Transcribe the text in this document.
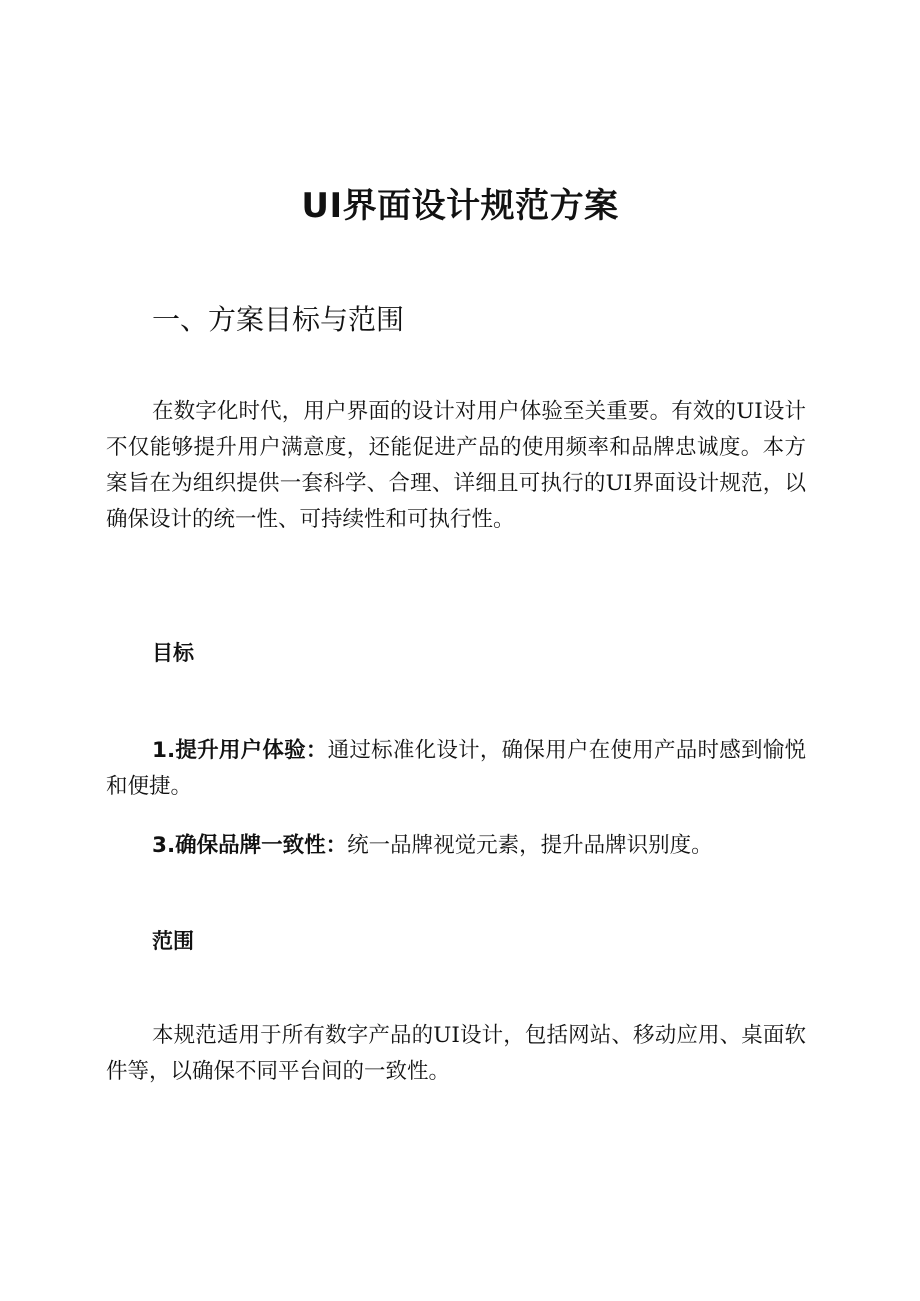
UI界面设计规范方案
一、方案目标与范围

在数字化时代，用户界面的设计对用户体验至关重要。有效的UI设计不仅能够提升用户满意度，还能促进产品的使用频率和品牌忠诚度。本方案旨在为组织提供一套科学、合理、详细且可执行的UI界面设计规范，以确保设计的统一性、可持续性和可执行性。

目标

1.提升用户体验：通过标准化设计，确保用户在使用产品时感到愉悦和便捷。

3.确保品牌一致性：统一品牌视觉元素，提升品牌识别度。

范围

本规范适用于所有数字产品的UI设计，包括网站、移动应用、桌面软件等，以确保不同平台间的一致性。
